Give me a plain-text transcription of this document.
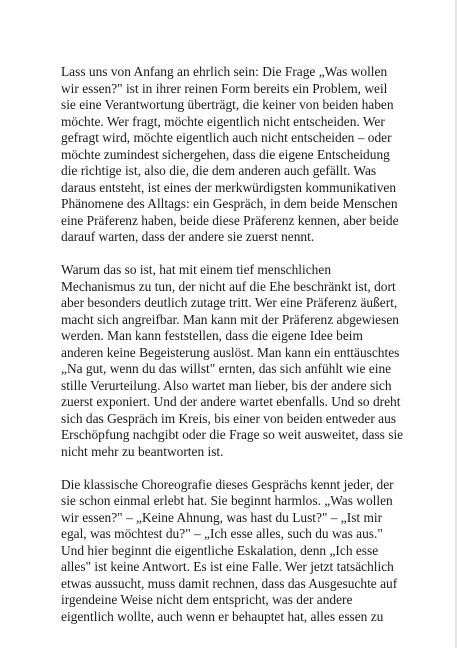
Lass uns von Anfang an ehrlich sein: Die Frage „Was wollen
wir essen?" ist in ihrer reinen Form bereits ein Problem, weil
sie eine Verantwortung überträgt, die keiner von beiden haben
möchte. Wer fragt, möchte eigentlich nicht entscheiden. Wer
gefragt wird, möchte eigentlich auch nicht entscheiden – oder
möchte zumindest sichergehen, dass die eigene Entscheidung
die richtige ist, also die, die dem anderen auch gefällt. Was
daraus entsteht, ist eines der merkwürdigsten kommunikativen
Phänomene des Alltags: ein Gespräch, in dem beide Menschen
eine Präferenz haben, beide diese Präferenz kennen, aber beide
darauf warten, dass der andere sie zuerst nennt.

Warum das so ist, hat mit einem tief menschlichen
Mechanismus zu tun, der nicht auf die Ehe beschränkt ist, dort
aber besonders deutlich zutage tritt. Wer eine Präferenz äußert,
macht sich angreifbar. Man kann mit der Präferenz abgewiesen
werden. Man kann feststellen, dass die eigene Idee beim
anderen keine Begeisterung auslöst. Man kann ein enttäuschtes
„Na gut, wenn du das willst" ernten, das sich anfühlt wie eine
stille Verurteilung. Also wartet man lieber, bis der andere sich
zuerst exponiert. Und der andere wartet ebenfalls. Und so dreht
sich das Gespräch im Kreis, bis einer von beiden entweder aus
Erschöpfung nachgibt oder die Frage so weit ausweitet, dass sie
nicht mehr zu beantworten ist.

Die klassische Choreografie dieses Gesprächs kennt jeder, der
sie schon einmal erlebt hat. Sie beginnt harmlos. „Was wollen
wir essen?" – „Keine Ahnung, was hast du Lust?" – „Ist mir
egal, was möchtest du?" – „Ich esse alles, such du was aus."
Und hier beginnt die eigentliche Eskalation, denn „Ich esse
alles" ist keine Antwort. Es ist eine Falle. Wer jetzt tatsächlich
etwas aussucht, muss damit rechnen, dass das Ausgesuchte auf
irgendeine Weise nicht dem entspricht, was der andere
eigentlich wollte, auch wenn er behauptet hat, alles essen zu
